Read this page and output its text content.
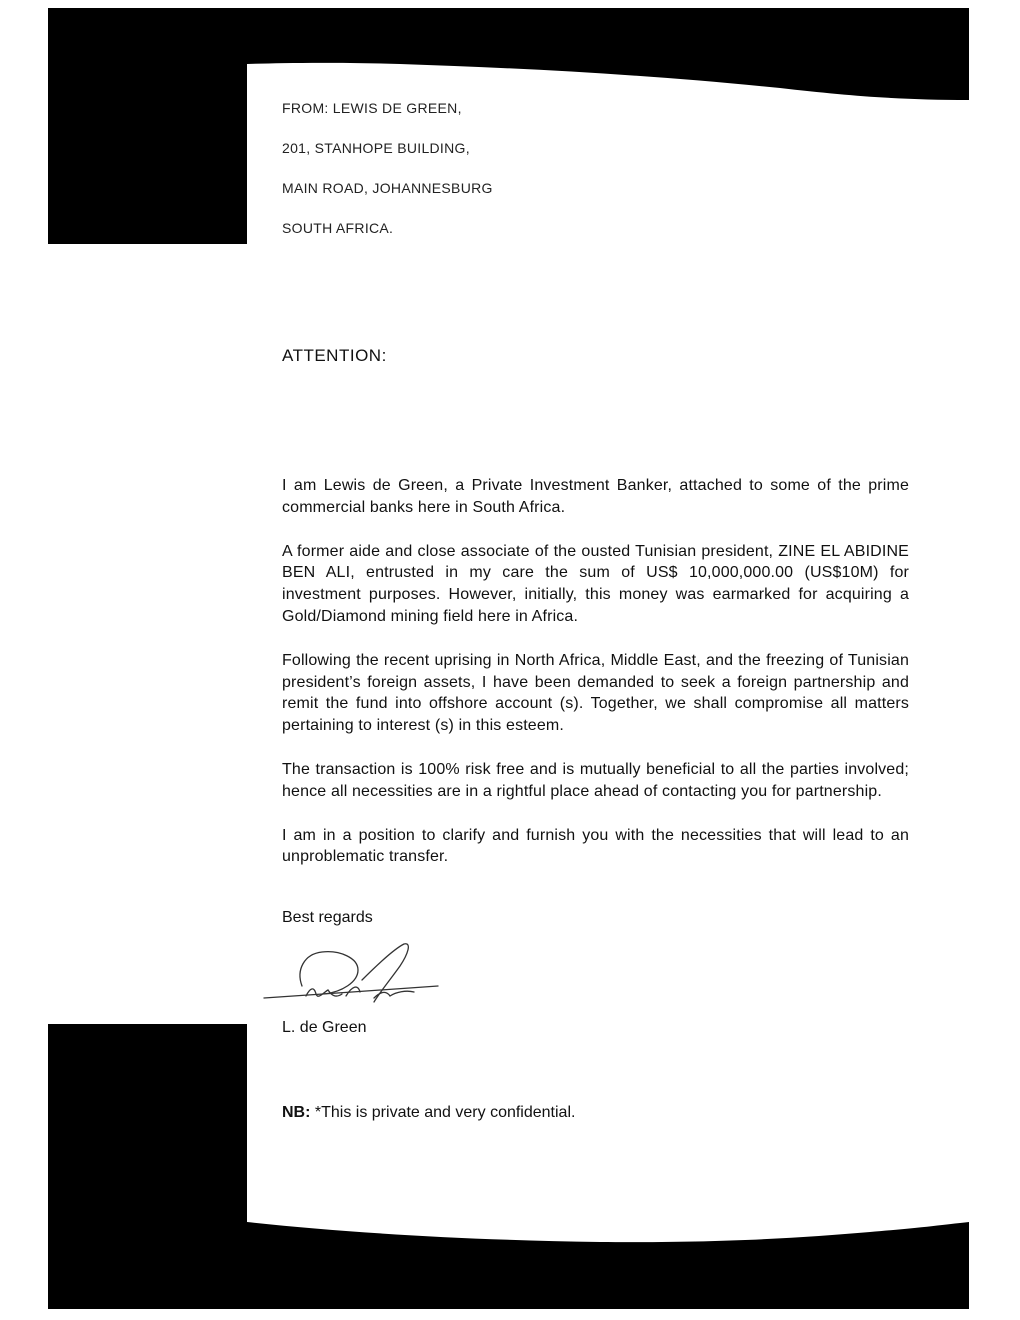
FROM: LEWIS DE GREEN,

201, STANHOPE BUILDING,

MAIN ROAD, JOHANNESBURG

SOUTH AFRICA.

ATTENTION:

I am Lewis de Green, a Private Investment Banker, attached to some of the prime commercial banks here in South Africa.

A former aide and close associate of the ousted Tunisian president, ZINE EL ABIDINE BEN ALI, entrusted in my care the sum of US$ 10,000,000.00 (US$10M) for investment purposes. However, initially, this money was earmarked for acquiring a Gold/Diamond mining field here in Africa.

Following the recent uprising in North Africa, Middle East, and the freezing of Tunisian president’s foreign assets, I have been demanded to seek a foreign partnership and remit the fund into offshore account (s). Together, we shall compromise all matters pertaining to interest (s) in this esteem.

The transaction is 100% risk free and is mutually beneficial to all the parties involved; hence all necessities are in a rightful place ahead of contacting you for partnership.

I am in a position to clarify and furnish you with the necessities that will lead to an unproblematic transfer.

Best regards

L. de Green

NB: *This is private and very confidential.
